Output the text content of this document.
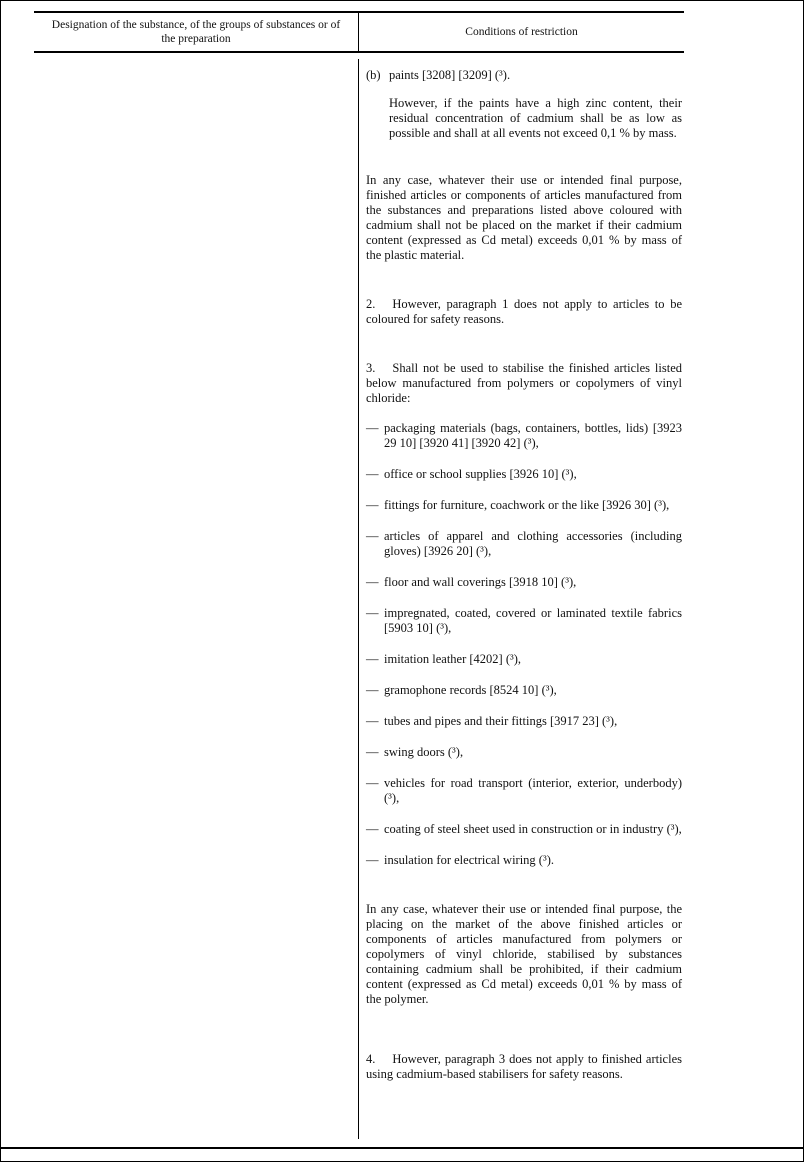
Designation of the substance, of the groups of substances or of the preparation
Conditions of restriction
(b) paints [3208] [3209] (³).

However, if the paints have a high zinc content, their residual concentration of cadmium shall be as low as possible and shall at all events not exceed 0,1 % by mass.

In any case, whatever their use or intended final purpose, finished articles or components of articles manufactured from the substances and preparations listed above coloured with cadmium shall not be placed on the market if their cadmium content (expressed as Cd metal) exceeds 0,01 % by mass of the plastic material.

2. However, paragraph 1 does not apply to articles to be coloured for safety reasons.

3. Shall not be used to stabilise the finished articles listed below manufactured from polymers or copolymers of vinyl chloride:

— packaging materials (bags, containers, bottles, lids) [3923 29 10] [3920 41] [3920 42] (³),
— office or school supplies [3926 10] (³),
— fittings for furniture, coachwork or the like [3926 30] (³),
— articles of apparel and clothing accessories (including gloves) [3926 20] (³),
— floor and wall coverings [3918 10] (³),
— impregnated, coated, covered or laminated textile fabrics [5903 10] (³),
— imitation leather [4202] (³),
— gramophone records [8524 10] (³),
— tubes and pipes and their fittings [3917 23] (³),
— swing doors (³),
— vehicles for road transport (interior, exterior, underbody) (³),
— coating of steel sheet used in construction or in industry (³),
— insulation for electrical wiring (³).

In any case, whatever their use or intended final purpose, the placing on the market of the above finished articles or components of articles manufactured from polymers or copolymers of vinyl chloride, stabilised by substances containing cadmium shall be prohibited, if their cadmium content (expressed as Cd metal) exceeds 0,01 % by mass of the polymer.

4. However, paragraph 3 does not apply to finished articles using cadmium-based stabilisers for safety reasons.
